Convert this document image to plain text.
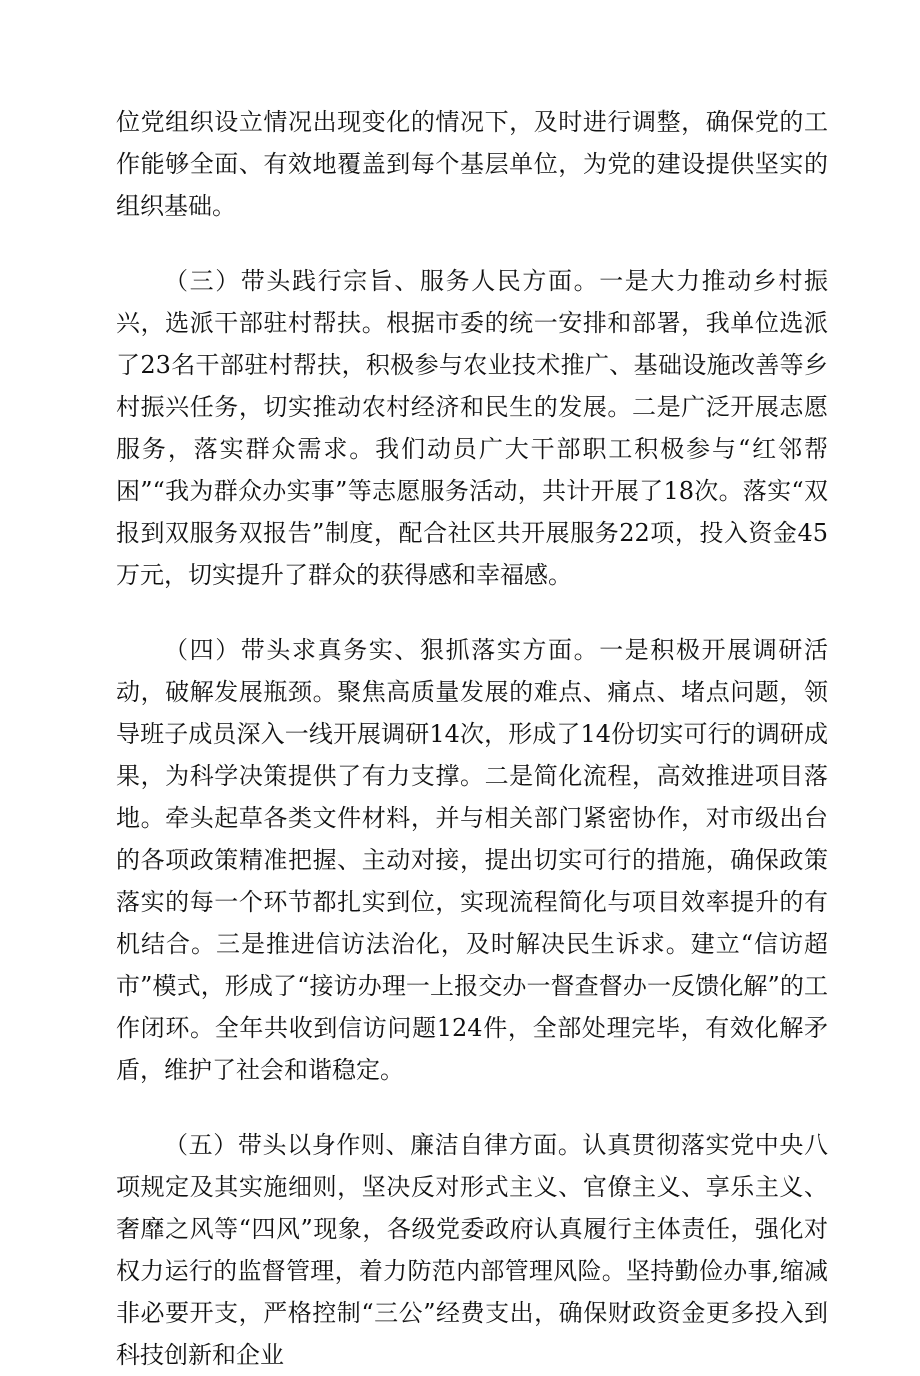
位党组织设立情况出现变化的情况下，及时进行调整，确保党的工作能够全面、有效地覆盖到每个基层单位，为党的建设提供坚实的组织基础。

（三）带头践行宗旨、服务人民方面。一是大力推动乡村振兴，选派干部驻村帮扶。根据市委的统一安排和部署，我单位选派了23名干部驻村帮扶，积极参与农业技术推广、基础设施改善等乡村振兴任务，切实推动农村经济和民生的发展。二是广泛开展志愿服务，落实群众需求。我们动员广大干部职工积极参与“红邻帮困”“我为群众办实事”等志愿服务活动，共计开展了18次。落实“双报到双服务双报告”制度，配合社区共开展服务22项，投入资金45万元，切实提升了群众的获得感和幸福感。

（四）带头求真务实、狠抓落实方面。一是积极开展调研活动，破解发展瓶颈。聚焦高质量发展的难点、痛点、堵点问题，领导班子成员深入一线开展调研14次，形成了14份切实可行的调研成果，为科学决策提供了有力支撑。二是简化流程，高效推进项目落地。牵头起草各类文件材料，并与相关部门紧密协作，对市级出台的各项政策精准把握、主动对接，提出切实可行的措施，确保政策落实的每一个环节都扎实到位，实现流程简化与项目效率提升的有机结合。三是推进信访法治化，及时解决民生诉求。建立“信访超市”模式，形成了“接访办理一上报交办一督查督办一反馈化解”的工作闭环。全年共收到信访问题124件，全部处理完毕，有效化解矛盾，维护了社会和谐稳定。

（五）带头以身作则、廉洁自律方面。认真贯彻落实党中央八项规定及其实施细则，坚决反对形式主义、官僚主义、享乐主义、奢靡之风等“四风”现象，各级党委政府认真履行主体责任，强化对权力运行的监督管理，着力防范内部管理风险。坚持勤俭办事,缩减非必要开支，严格控制“三公”经费支出，确保财政资金更多投入到科技创新和企业
